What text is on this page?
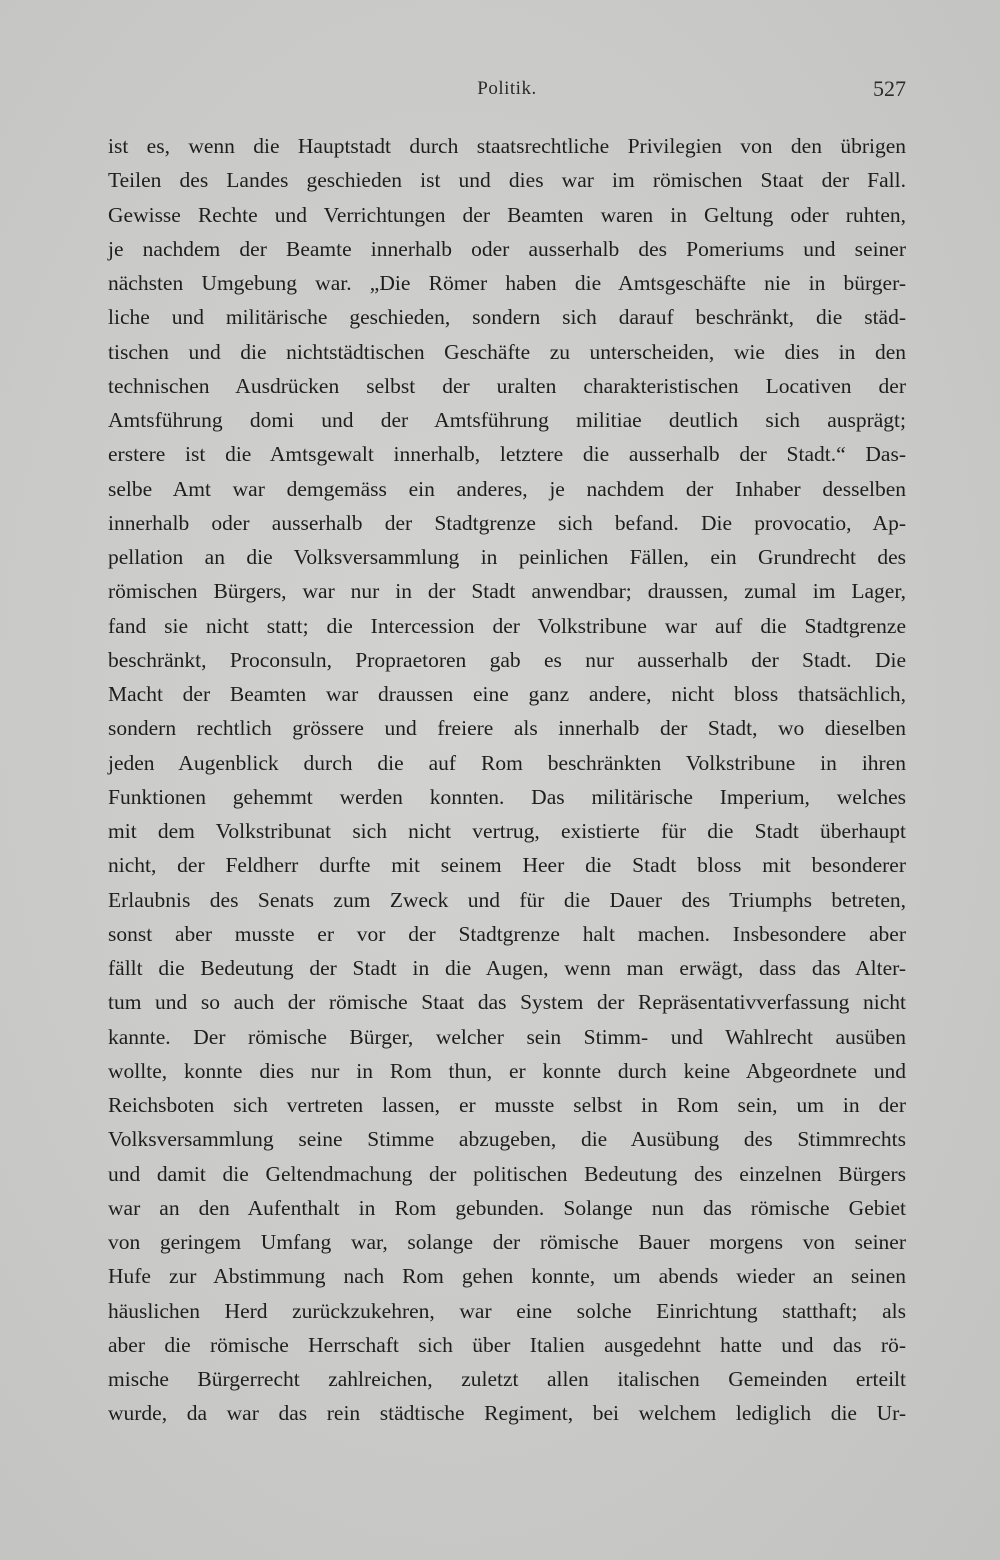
Politik.	527
ist es, wenn die Hauptstadt durch staatsrechtliche Privilegien von den übrigen
Teilen des Landes geschieden ist und dies war im römischen Staat der Fall.
Gewisse Rechte und Verrichtungen der Beamten waren in Geltung oder ruhten,
je nachdem der Beamte innerhalb oder ausserhalb des Pomeriums und seiner
nächsten Umgebung war. „Die Römer haben die Amtsgeschäfte nie in bürger-
liche und militärische geschieden, sondern sich darauf beschränkt, die städ-
tischen und die nichtstädtischen Geschäfte zu unterscheiden, wie dies in den
technischen Ausdrücken selbst der uralten charakteristischen Locativen der
Amtsführung domi und der Amtsführung militiae deutlich sich ausprägt;
erstere ist die Amtsgewalt innerhalb, letztere die ausserhalb der Stadt.“ Das-
selbe Amt war demgemäss ein anderes, je nachdem der Inhaber desselben
innerhalb oder ausserhalb der Stadtgrenze sich befand. Die provocatio, Ap-
pellation an die Volksversammlung in peinlichen Fällen, ein Grundrecht des
römischen Bürgers, war nur in der Stadt anwendbar; draussen, zumal im Lager,
fand sie nicht statt; die Intercession der Volkstribune war auf die Stadtgrenze
beschränkt, Proconsuln, Propraetoren gab es nur ausserhalb der Stadt. Die
Macht der Beamten war draussen eine ganz andere, nicht bloss thatsächlich,
sondern rechtlich grössere und freiere als innerhalb der Stadt, wo dieselben
jeden Augenblick durch die auf Rom beschränkten Volkstribune in ihren
Funktionen gehemmt werden konnten. Das militärische Imperium, welches
mit dem Volkstribunat sich nicht vertrug, existierte für die Stadt überhaupt
nicht, der Feldherr durfte mit seinem Heer die Stadt bloss mit besonderer
Erlaubnis des Senats zum Zweck und für die Dauer des Triumphs betreten,
sonst aber musste er vor der Stadtgrenze halt machen. Insbesondere aber
fällt die Bedeutung der Stadt in die Augen, wenn man erwägt, dass das Alter-
tum und so auch der römische Staat das System der Repräsentativverfassung nicht
kannte. Der römische Bürger, welcher sein Stimm- und Wahlrecht ausüben
wollte, konnte dies nur in Rom thun, er konnte durch keine Abgeordnete und
Reichsboten sich vertreten lassen, er musste selbst in Rom sein, um in der
Volksversammlung seine Stimme abzugeben, die Ausübung des Stimmrechts
und damit die Geltendmachung der politischen Bedeutung des einzelnen Bürgers
war an den Aufenthalt in Rom gebunden. Solange nun das römische Gebiet
von geringem Umfang war, solange der römische Bauer morgens von seiner
Hufe zur Abstimmung nach Rom gehen konnte, um abends wieder an seinen
häuslichen Herd zurückzukehren, war eine solche Einrichtung statthaft; als
aber die römische Herrschaft sich über Italien ausgedehnt hatte und das rö-
mische Bürgerrecht zahlreichen, zuletzt allen italischen Gemeinden erteilt
wurde, da war das rein städtische Regiment, bei welchem lediglich die Ur-
